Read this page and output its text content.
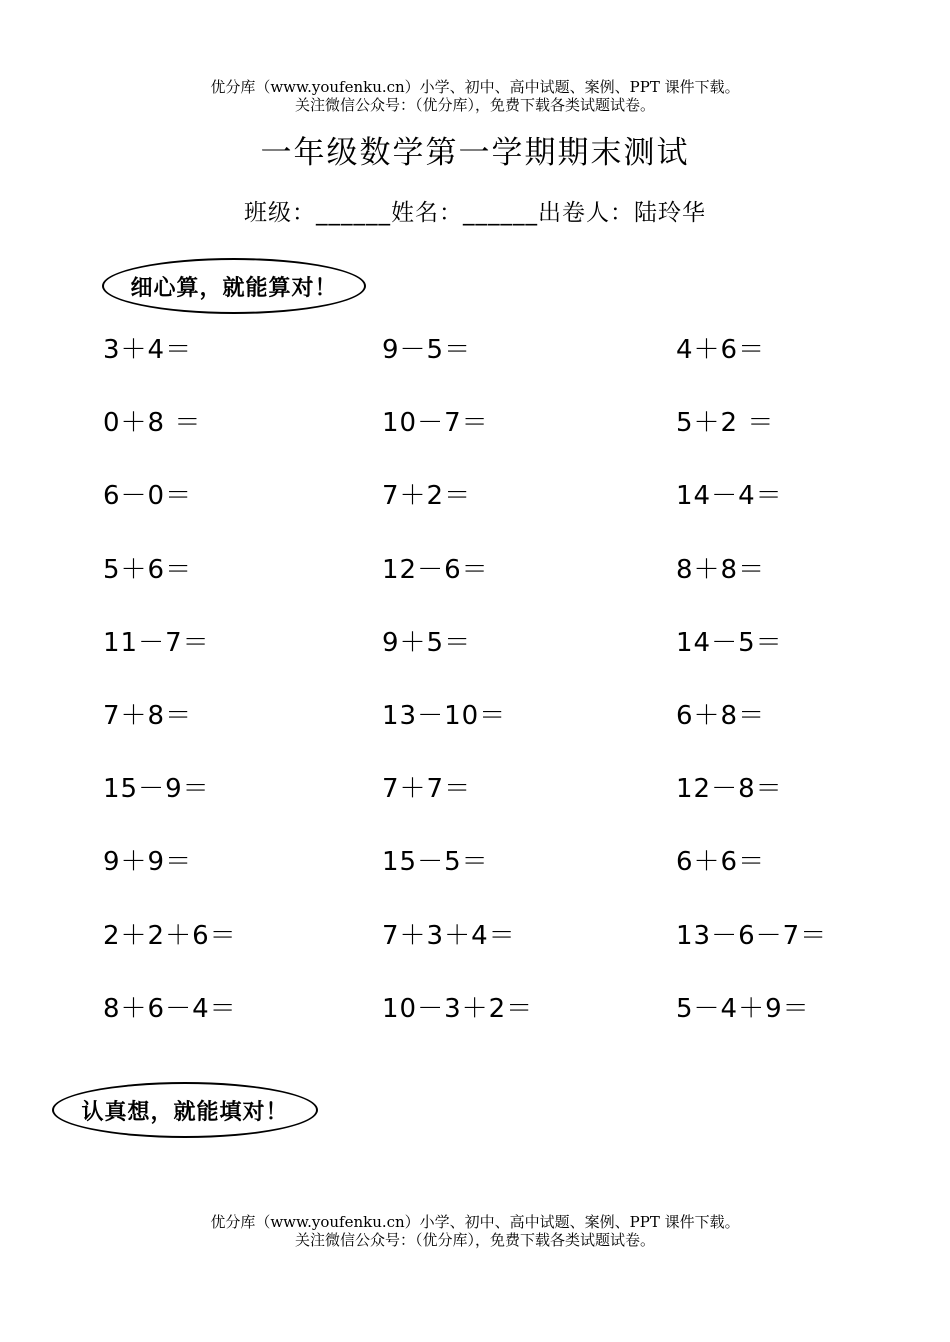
优分库（www.youfenku.cn）小学、初中、高中试题、案例、PPT 课件下载。
关注微信公众号：（优分库），免费下载各类试题试卷。
一年级数学第一学期期末测试
班级：______姓名：______出卷人：陆玲华
细心算，就能算对！
3＋4＝	9－5＝	4＋6＝
0＋8 ＝	10－7＝	5＋2 ＝
6－0＝	7＋2＝	14－4＝
5＋6＝	12－6＝	8＋8＝
11－7＝	9＋5＝	14－5＝
7＋8＝	13－10＝	6＋8＝
15－9＝	7＋7＝	12－8＝
9＋9＝	15－5＝	6＋6＝
2＋2＋6＝	7＋3＋4＝	13－6－7＝
8＋6－4＝	10－3＋2＝	5－4＋9＝
认真想，就能填对！
优分库（www.youfenku.cn）小学、初中、高中试题、案例、PPT 课件下载。
关注微信公众号：（优分库），免费下载各类试题试卷。
